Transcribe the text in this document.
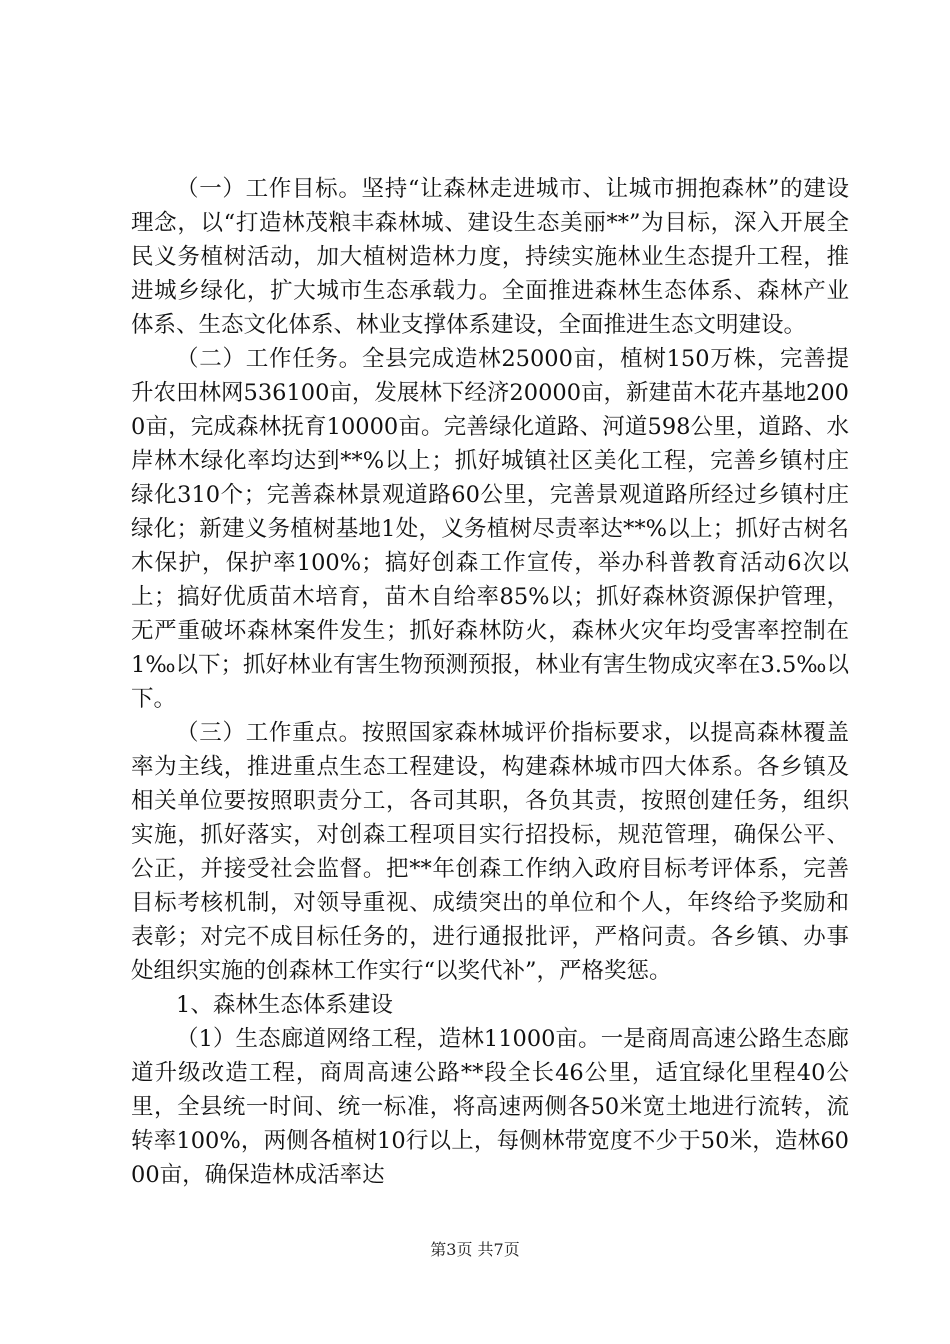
（一）工作目标。坚持“让森林走进城市、让城市拥抱森林”的建设理念，以“打造林茂粮丰森林城、建设生态美丽**”为目标，深入开展全民义务植树活动，加大植树造林力度，持续实施林业生态提升工程，推进城乡绿化，扩大城市生态承载力。全面推进森林生态体系、森林产业体系、生态文化体系、林业支撑体系建设，全面推进生态文明建设。

（二）工作任务。全县完成造林25000亩，植树150万株，完善提升农田林网536100亩，发展林下经济20000亩，新建苗木花卉基地2000亩，完成森林抚育10000亩。完善绿化道路、河道598公里，道路、水岸林木绿化率均达到**%以上；抓好城镇社区美化工程，完善乡镇村庄绿化310个；完善森林景观道路60公里，完善景观道路所经过乡镇村庄绿化；新建义务植树基地1处，义务植树尽责率达**%以上；抓好古树名木保护，保护率100%；搞好创森工作宣传，举办科普教育活动6次以上；搞好优质苗木培育，苗木自给率85%以；抓好森林资源保护管理，无严重破坏森林案件发生；抓好森林防火，森林火灾年均受害率控制在1‰以下；抓好林业有害生物预测预报，林业有害生物成灾率在3.5‰以下。

（三）工作重点。按照国家森林城评价指标要求，以提高森林覆盖率为主线，推进重点生态工程建设，构建森林城市四大体系。各乡镇及相关单位要按照职责分工，各司其职，各负其责，按照创建任务，组织实施，抓好落实，对创森工程项目实行招投标，规范管理，确保公平、公正，并接受社会监督。把**年创森工作纳入政府目标考评体系，完善目标考核机制，对领导重视、成绩突出的单位和个人，年终给予奖励和表彰；对完不成目标任务的，进行通报批评，严格问责。各乡镇、办事处组织实施的创森林工作实行“以奖代补”，严格奖惩。

1、森林生态体系建设

（1）生态廊道网络工程，造林11000亩。一是商周高速公路生态廊道升级改造工程，商周高速公路**段全长46公里，适宜绿化里程40公里，全县统一时间、统一标准，将高速两侧各50米宽土地进行流转，流转率100%，两侧各植树10行以上，每侧林带宽度不少于50米，造林6000亩，确保造林成活率达

第3页 共7页
